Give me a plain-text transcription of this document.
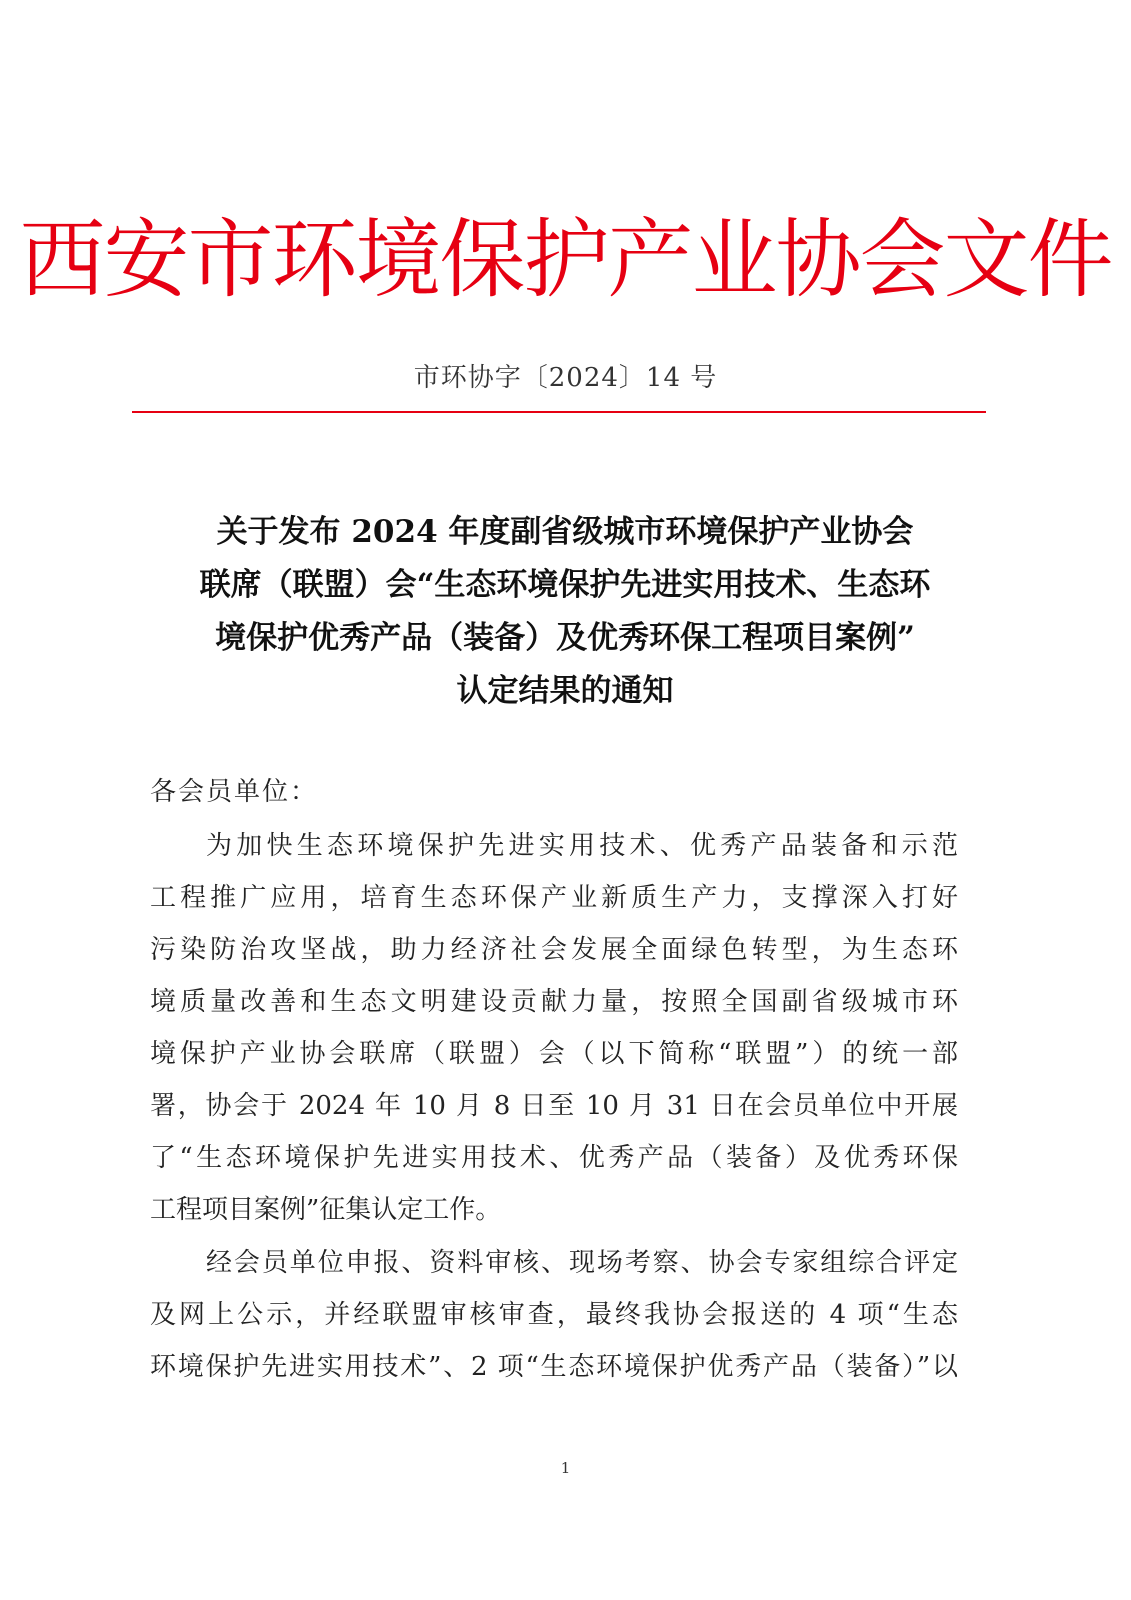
西安市环境保护产业协会文件
市环协字〔2024〕14 号
关于发布 2024 年度副省级城市环境保护产业协会
联席（联盟）会“生态环境保护先进实用技术、生态环
境保护优秀产品（装备）及优秀环保工程项目案例”
认定结果的通知
各会员单位：
为加快生态环境保护先进实用技术、优秀产品装备和示范
工程推广应用，培育生态环保产业新质生产力，支撑深入打好
污染防治攻坚战，助力经济社会发展全面绿色转型，为生态环
境质量改善和生态文明建设贡献力量，按照全国副省级城市环
境保护产业协会联席（联盟）会（以下简称“联盟”）的统一部
署，协会于 2024 年 10 月 8 日至 10 月 31 日在会员单位中开展
了“生态环境保护先进实用技术、优秀产品（装备）及优秀环保
工程项目案例”征集认定工作。
经会员单位申报、资料审核、现场考察、协会专家组综合评定
及网上公示，并经联盟审核审查，最终我协会报送的 4 项“生态
环境保护先进实用技术”、2 项“生态环境保护优秀产品（装备）”以
1
